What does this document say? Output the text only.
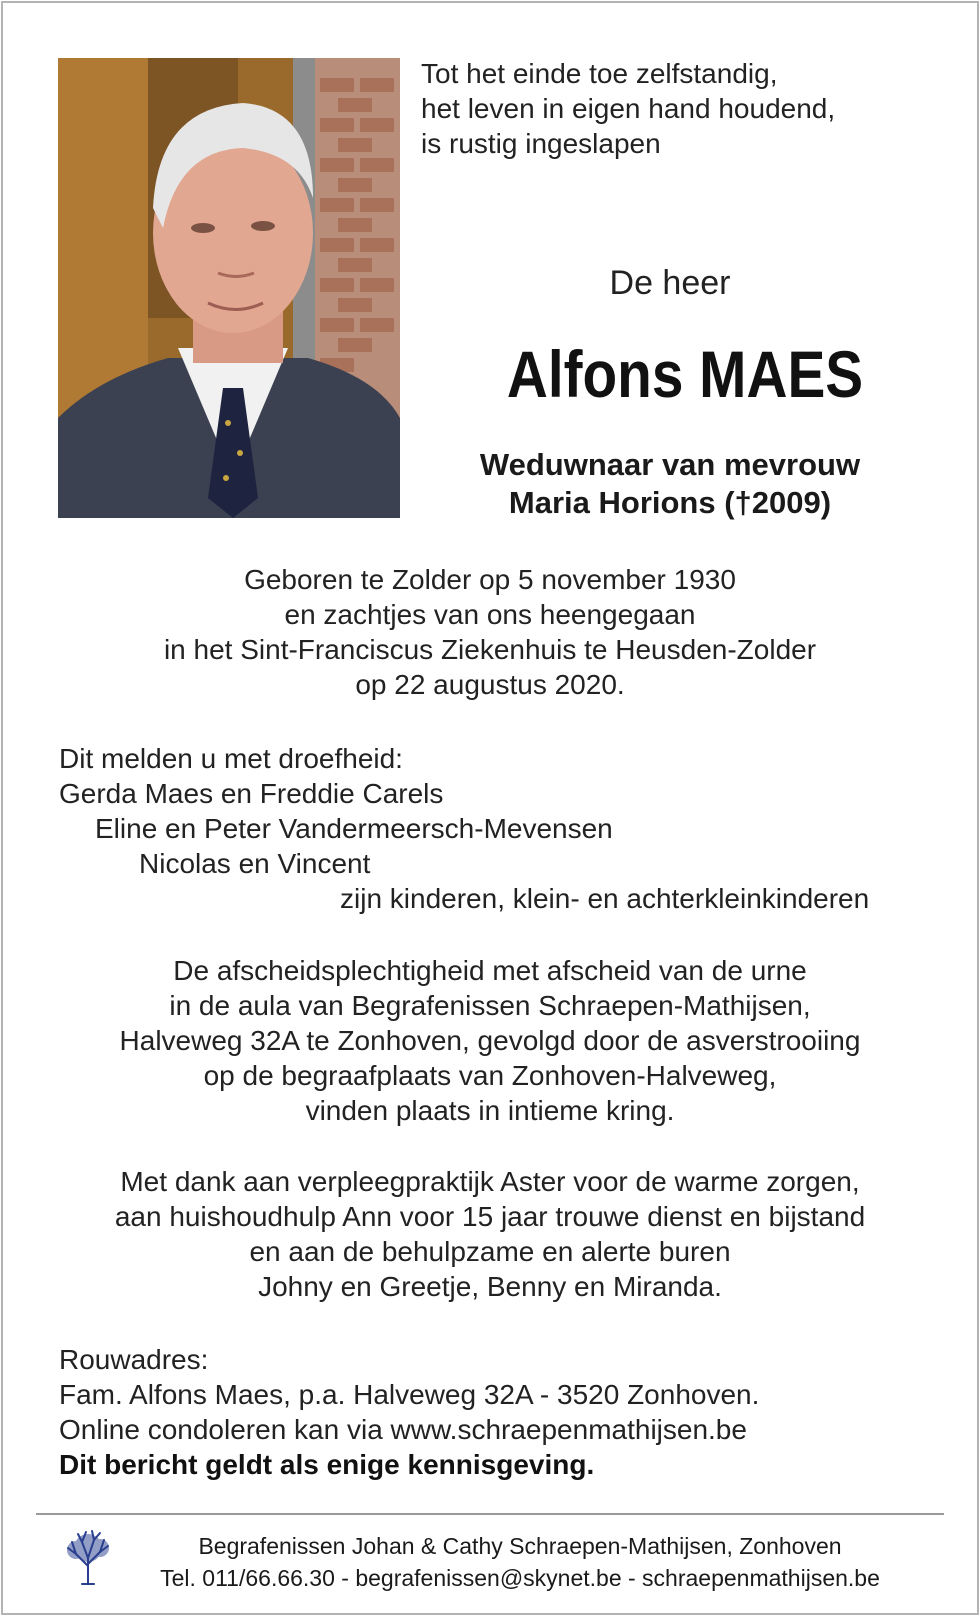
Tot het einde toe zelfstandig,
het leven in eigen hand houdend,
is rustig ingeslapen
De heer
Alfons MAES
Weduwnaar van mevrouw
Maria Horions (†2009)
Geboren te Zolder op 5 november 1930
en zachtjes van ons heengegaan
in het Sint-Franciscus Ziekenhuis te Heusden-Zolder
op 22 augustus 2020.
Dit melden u met droefheid:
Gerda Maes en Freddie Carels
Eline en Peter Vandermeersch-Mevensen
Nicolas en Vincent
zijn kinderen, klein- en achterkleinkinderen
De afscheidsplechtigheid met afscheid van de urne
in de aula van Begrafenissen Schraepen-Mathijsen,
Halveweg 32A te Zonhoven, gevolgd door de asverstrooiing
op de begraafplaats van Zonhoven-Halveweg,
vinden plaats in intieme kring.
Met dank aan verpleegpraktijk Aster voor de warme zorgen,
aan huishoudhulp Ann voor 15 jaar trouwe dienst en bijstand
en aan de behulpzame en alerte buren
Johny en Greetje, Benny en Miranda.
Rouwadres:
Fam. Alfons Maes, p.a. Halveweg 32A - 3520 Zonhoven.
Online condoleren kan via www.schraepenmathijsen.be
Dit bericht geldt als enige kennisgeving.
Begrafenissen Johan & Cathy Schraepen-Mathijsen, Zonhoven
Tel. 011/66.66.30 - begrafenissen@skynet.be - schraepenmathijsen.be
